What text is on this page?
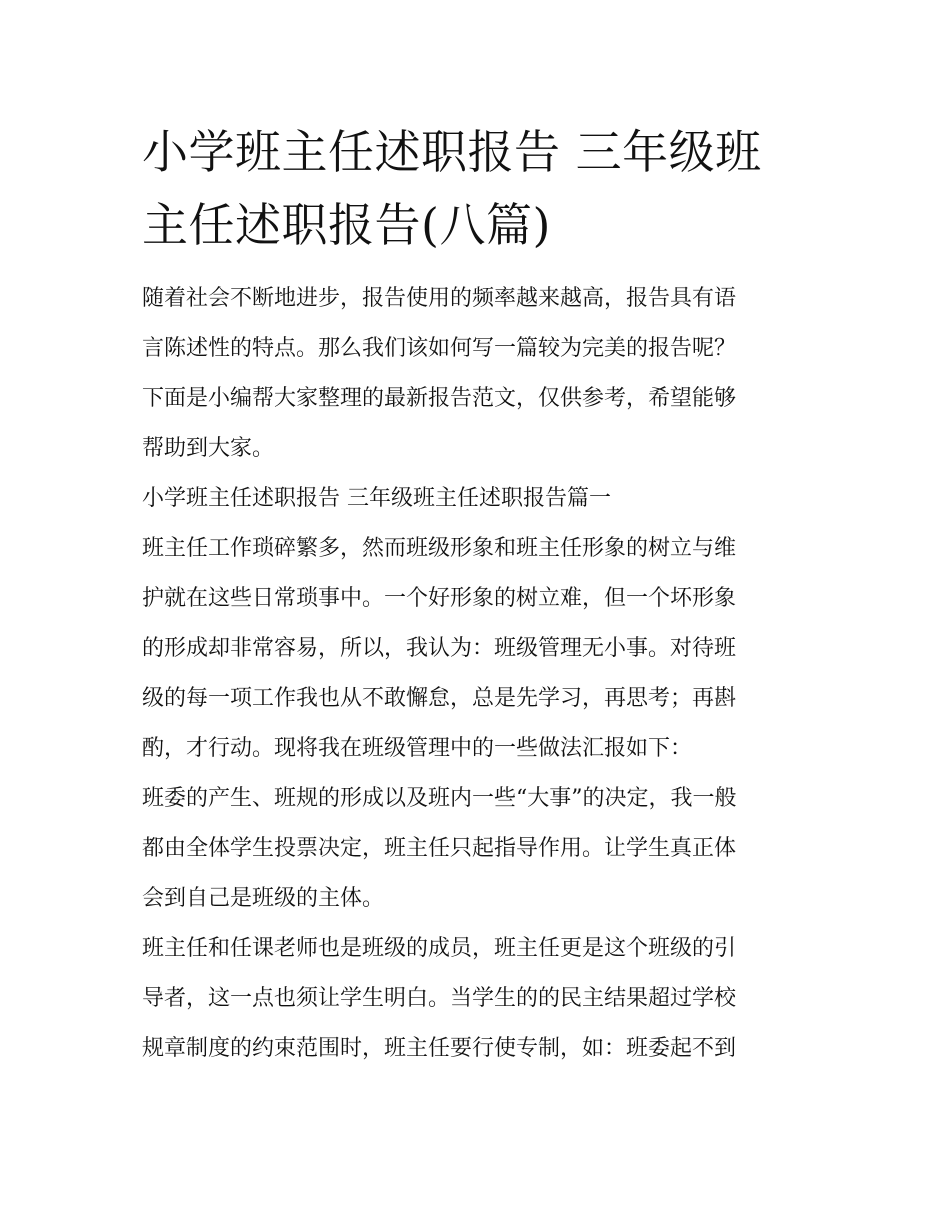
小学班主任述职报告 三年级班
主任述职报告(八篇)

随着社会不断地进步，报告使用的频率越来越高，报告具有语
言陈述性的特点。那么我们该如何写一篇较为完美的报告呢？
下面是小编帮大家整理的最新报告范文，仅供参考，希望能够
帮助到大家。

小学班主任述职报告 三年级班主任述职报告篇一

班主任工作琐碎繁多，然而班级形象和班主任形象的树立与维
护就在这些日常琐事中。一个好形象的树立难，但一个坏形象
的形成却非常容易，所以，我认为：班级管理无小事。对待班
级的每一项工作我也从不敢懈怠，总是先学习，再思考；再斟
酌，才行动。现将我在班级管理中的一些做法汇报如下：

班委的产生、班规的形成以及班内一些“大事”的决定，我一般
都由全体学生投票决定，班主任只起指导作用。让学生真正体
会到自己是班级的主体。

班主任和任课老师也是班级的成员，班主任更是这个班级的引
导者，这一点也须让学生明白。当学生的的民主结果超过学校
规章制度的约束范围时，班主任要行使专制，如：班委起不到
